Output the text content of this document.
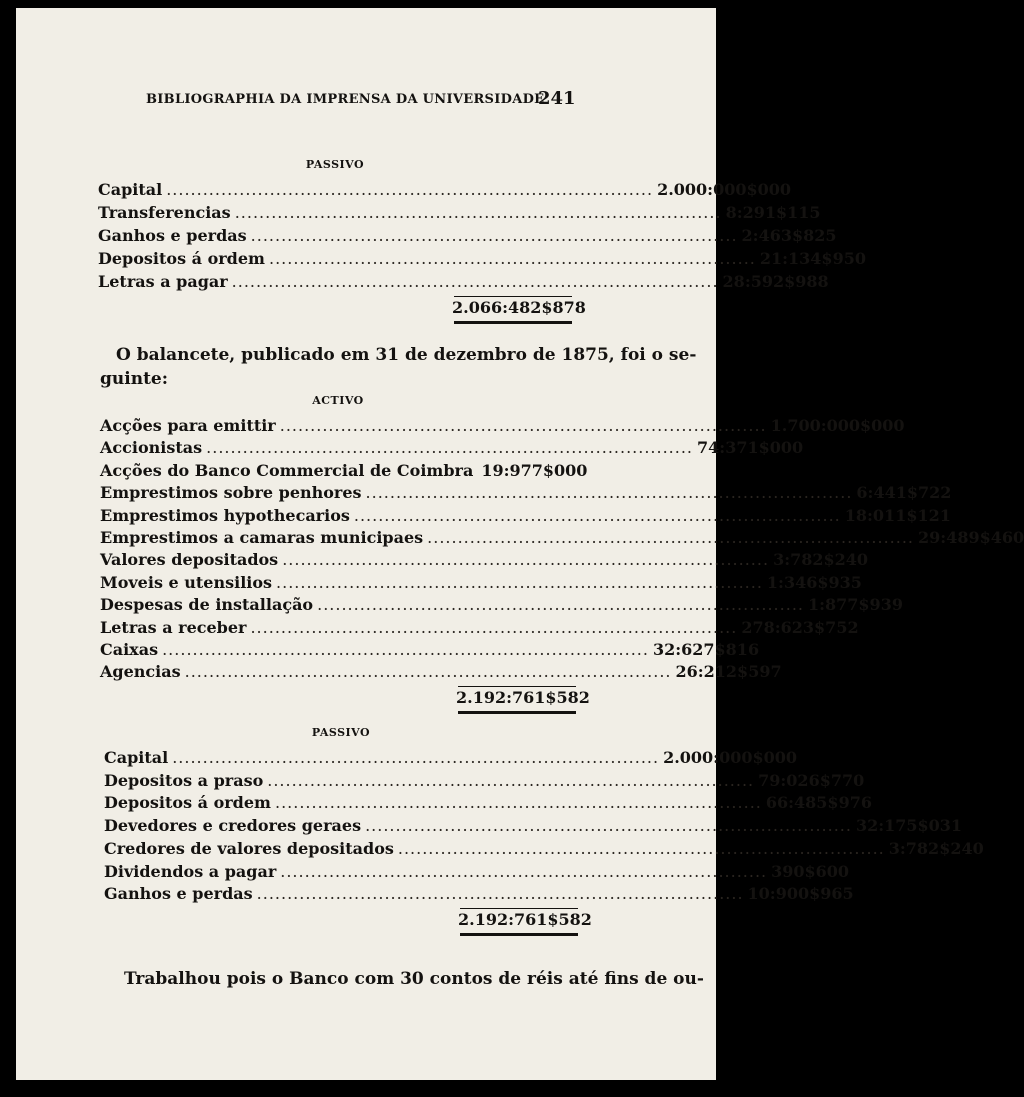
BIBLIOGRAPHIA DA IMPRENSA DA UNIVERSIDADE
241
PASSIVO
Capital ................................................................................ 2.000:000$000
Transferencias ................................................................................ 8:291$115
Ganhos e perdas ................................................................................ 2:463$825
Depositos á ordem ................................................................................ 21:134$950
Letras a pagar ................................................................................ 28:592$988
2.066:482$878
O balancete, publicado em 31 de dezembro de 1875, foi o se-
guinte:
ACTIVO
Acções para emittir ................................................................................ 1.700:000$000
Accionistas ................................................................................ 74:371$000
Acções do Banco Commercial de Coimbra 19:977$000
Emprestimos sobre penhores ................................................................................ 6:441$722
Emprestimos hypothecarios ................................................................................ 18:011$121
Emprestimos a camaras municipaes ................................................................................ 29:489$460
Valores depositados ................................................................................ 3:782$240
Moveis e utensilios ................................................................................ 1:346$935
Despesas de installação ................................................................................ 1:877$939
Letras a receber ................................................................................ 278:623$752
Caixas ................................................................................ 32:627$816
Agencias ................................................................................ 26:212$597
2.192:761$582
PASSIVO
Capital ................................................................................ 2.000:000$000
Depositos a praso ................................................................................ 79:026$770
Depositos á ordem ................................................................................ 66:485$976
Devedores e credores geraes ................................................................................ 32:175$031
Credores de valores depositados ................................................................................ 3:782$240
Dividendos a pagar ................................................................................ 390$600
Ganhos e perdas ................................................................................ 10:900$965
2.192:761$582
Trabalhou pois o Banco com 30 contos de réis até fins de ou-
